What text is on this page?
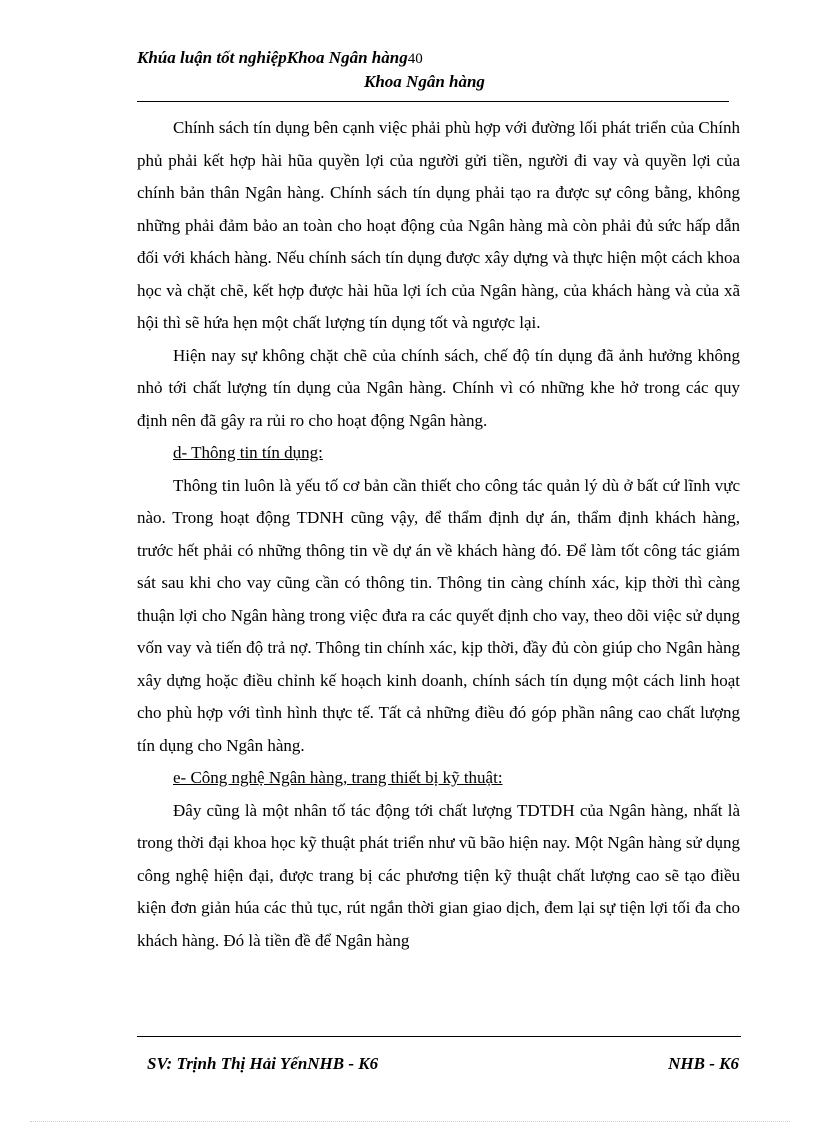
Khúa luận tốt nghiệpKhoa Ngân hàng40
Khoa Ngân hàng

Chính sách tín dụng bên cạnh việc phải phù hợp với đường lối phát triển của Chính phủ phải kết hợp hài hũa quyền lợi của người gửi tiền, người đi vay và quyền lợi của chính bản thân Ngân hàng. Chính sách tín dụng phải tạo ra được sự công bằng, không những phải đảm bảo an toàn cho hoạt động của Ngân hàng mà còn phải đủ sức hấp dẫn đối với khách hàng. Nếu chính sách tín dụng được xây dựng và thực hiện một cách khoa học và chặt chẽ, kết hợp được hài hũa lợi ích của Ngân hàng, của khách hàng và của xã hội thì sẽ hứa hẹn một chất lượng tín dụng tốt và ngược lại.

Hiện nay sự không chặt chẽ của chính sách, chế độ tín dụng đã ảnh hưởng không nhỏ tới chất lượng tín dụng của Ngân hàng. Chính vì có những khe hở trong các quy định nên đã gây ra rủi ro cho hoạt động Ngân hàng.

d- Thông tin tín dụng:

Thông tin luôn là yếu tố cơ bản cần thiết cho công tác quản lý dù ở bất cứ lĩnh vực nào. Trong hoạt động TDNH cũng vậy, để thẩm định dự án, thẩm định khách hàng, trước hết phải có những thông tin về dự án về khách hàng đó. Để làm tốt công tác giám sát sau khi cho vay cũng cần có thông tin. Thông tin càng chính xác, kịp thời thì càng thuận lợi cho Ngân hàng trong việc đưa ra các quyết định cho vay, theo dõi việc sử dụng vốn vay và tiến độ trả nợ. Thông tin chính xác, kịp thời, đầy đủ còn giúp cho Ngân hàng xây dựng hoặc điều chỉnh kế hoạch kinh doanh, chính sách tín dụng một cách linh hoạt cho phù hợp với tình hình thực tế. Tất cả những điều đó góp phần nâng cao chất lượng tín dụng cho Ngân hàng.

e- Công nghệ Ngân hàng, trang thiết bị kỹ thuật:

Đây cũng là một nhân tố tác động tới chất lượng TDTDH của Ngân hàng, nhất là trong thời đại khoa học kỹ thuật phát triển như vũ bão hiện nay. Một Ngân hàng sử dụng công nghệ hiện đại, được trang bị các phương tiện kỹ thuật chất lượng cao sẽ tạo điều kiện đơn giản húa các thủ tục, rút ngắn thời gian giao dịch, đem lại sự tiện lợi tối đa cho khách hàng. Đó là tiền đề để Ngân hàng

SV: Trịnh Thị Hải YếnNHB - K6	NHB - K6
